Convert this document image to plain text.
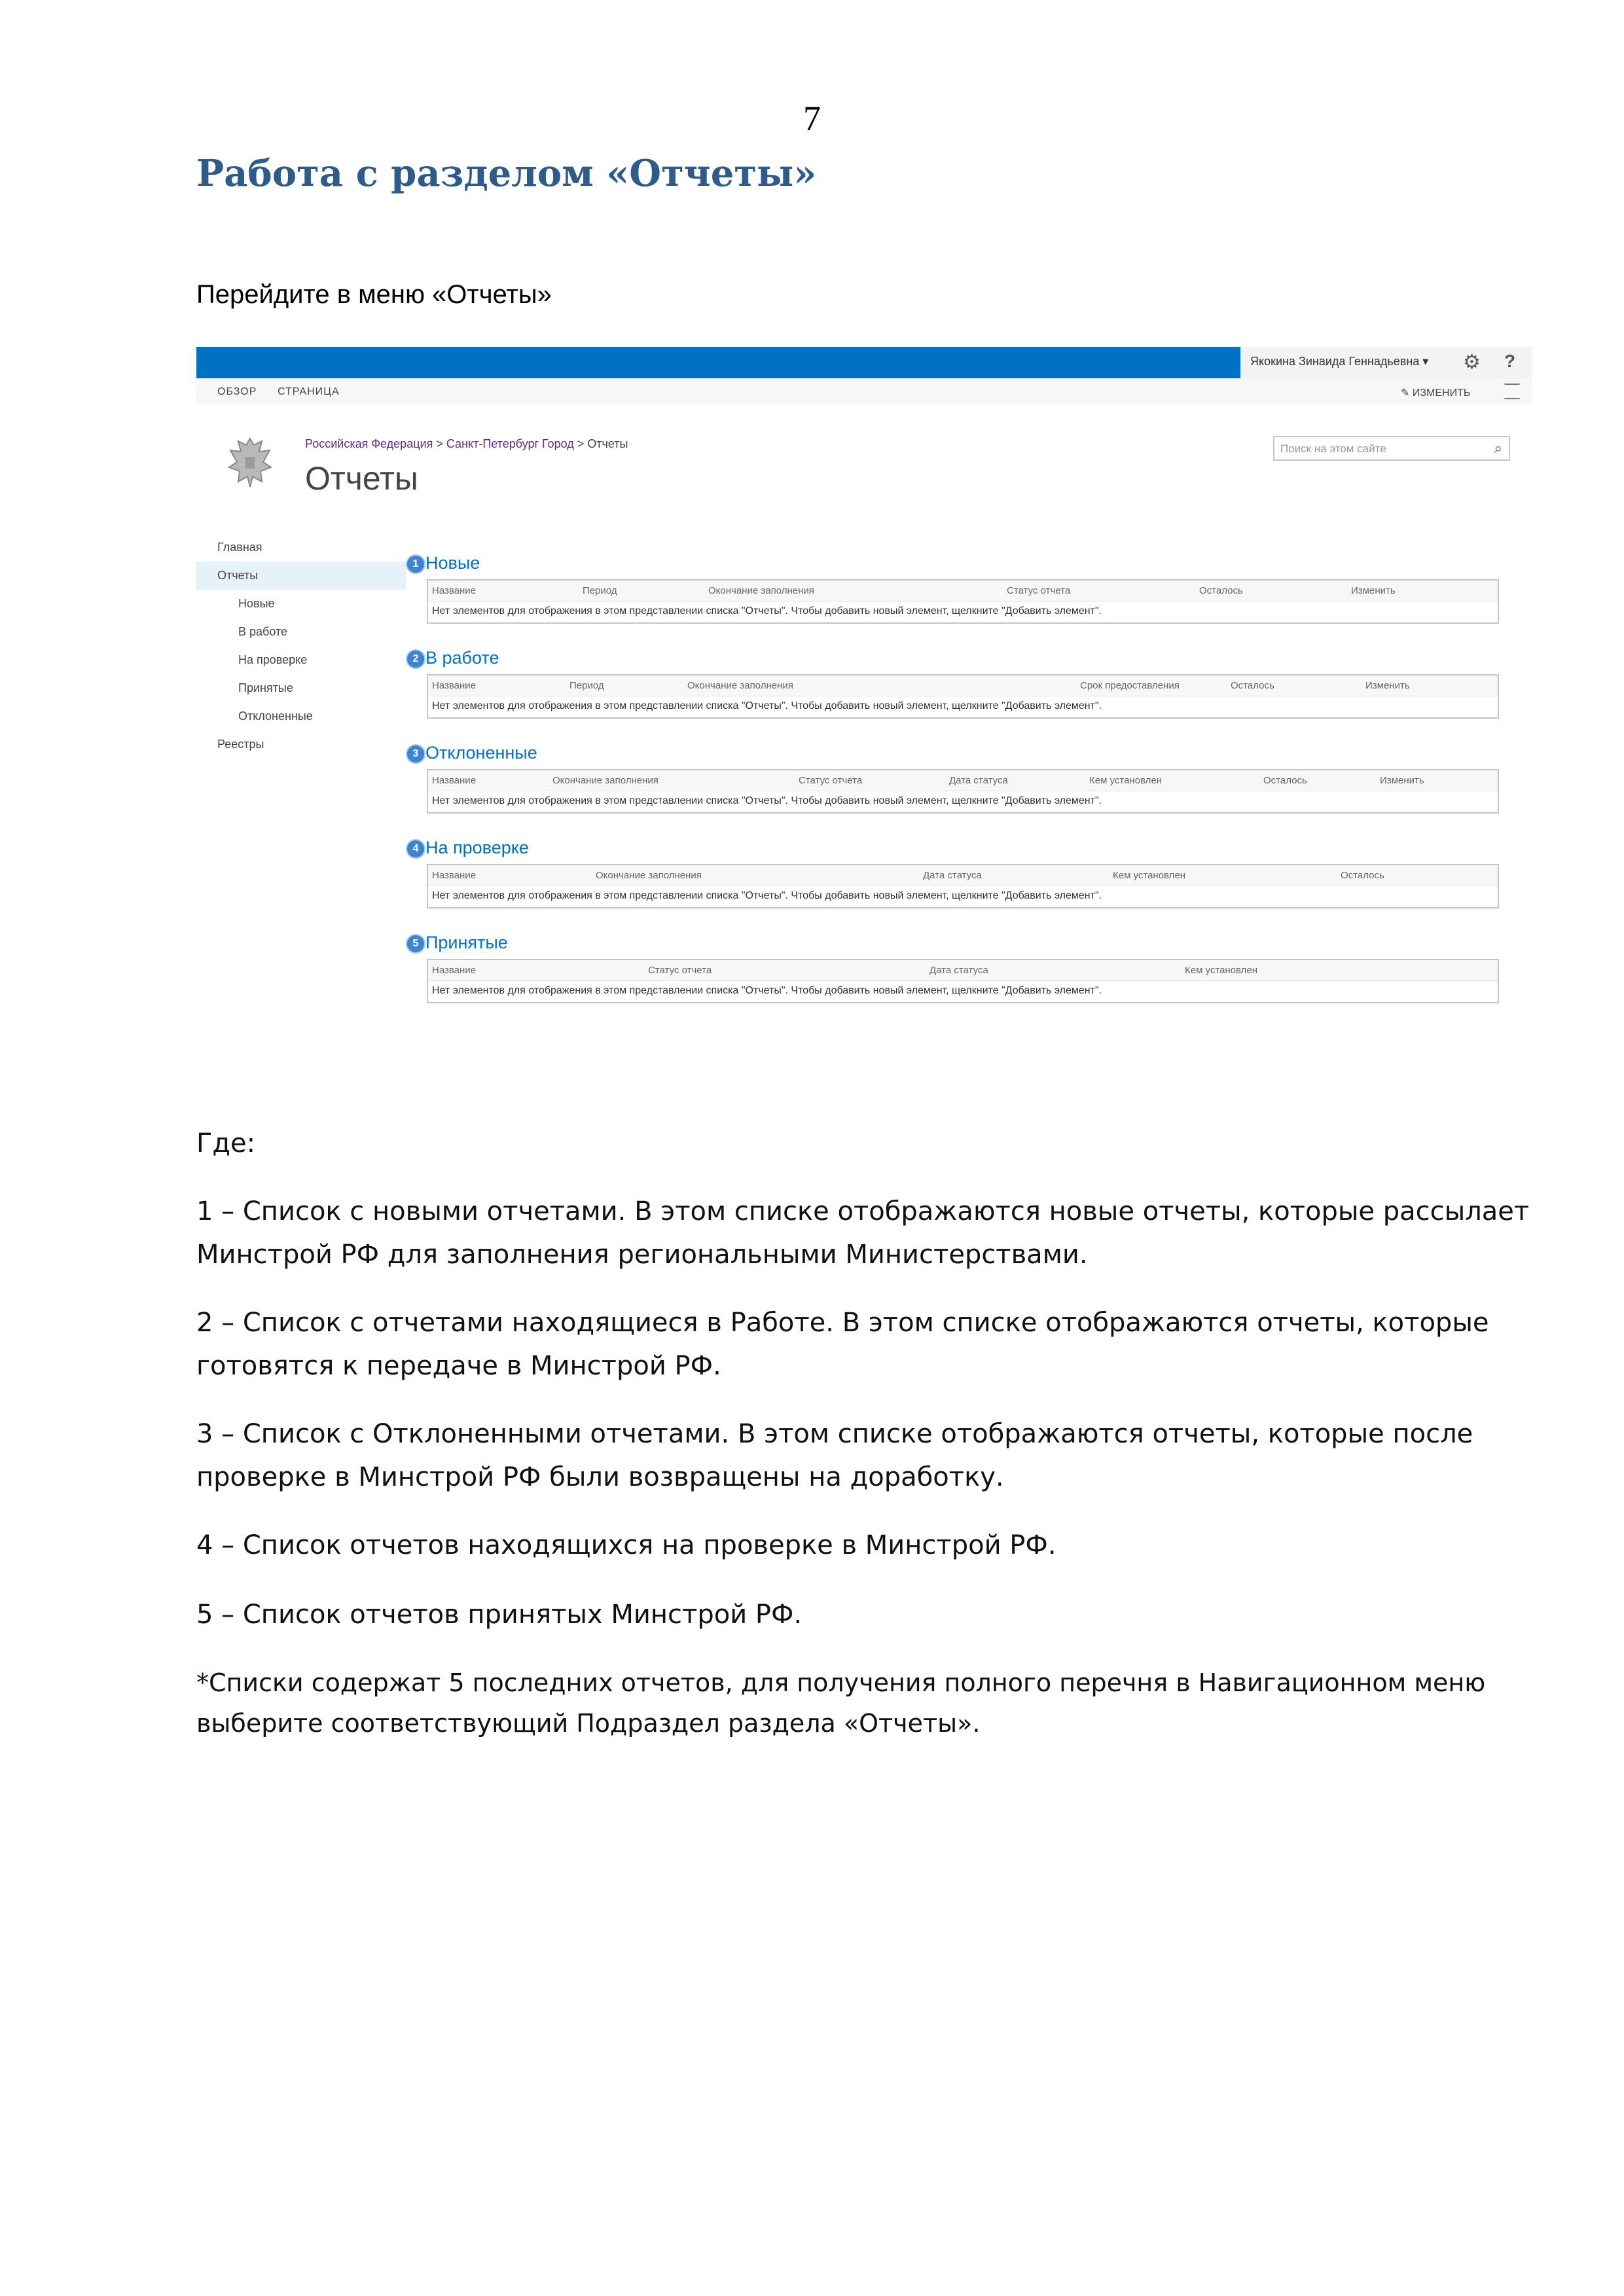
7
Работа с разделом «Отчеты»
Перейдите в меню «Отчеты»
Якокина Зинаида Геннадьевна ▾ ⚙ ?
ОБЗОР СТРАНИЦА	✎ ИЗМЕНИТЬ
Российская Федерация > Санкт-Петербург Город > Отчеты
Отчеты
Поиск на этом сайте	⌕
Главная
Отчеты
Новые
В работе
На проверке
Принятые
Отклоненные
Реестры
1 Новые
Название	Период	Окончание заполнения	Статус отчета	Осталось	Изменить
Нет элементов для отображения в этом представлении списка "Отчеты". Чтобы добавить новый элемент, щелкните "Добавить элемент".
2 В работе
Название	Период	Окончание заполнения	Срок предоставления	Осталось	Изменить
Нет элементов для отображения в этом представлении списка "Отчеты". Чтобы добавить новый элемент, щелкните "Добавить элемент".
3 Отклоненные
Название	Окончание заполнения	Статус отчета	Дата статуса	Кем установлен	Осталось	Изменить
Нет элементов для отображения в этом представлении списка "Отчеты". Чтобы добавить новый элемент, щелкните "Добавить элемент".
4 На проверке
Название	Окончание заполнения	Дата статуса	Кем установлен	Осталось
Нет элементов для отображения в этом представлении списка "Отчеты". Чтобы добавить новый элемент, щелкните "Добавить элемент".
5 Принятые
Название	Статус отчета	Дата статуса	Кем установлен
Нет элементов для отображения в этом представлении списка "Отчеты". Чтобы добавить новый элемент, щелкните "Добавить элемент".
Где:
1 – Список с новыми отчетами. В этом списке отображаются новые отчеты, которые рассылает Минстрой РФ для заполнения региональными Министерствами.
2 – Список с отчетами находящиеся в Работе. В этом списке отображаются отчеты, которые готовятся к передаче в Минстрой РФ.
3 – Список с Отклоненными отчетами. В этом списке отображаются отчеты, которые после проверке в Минстрой РФ были возвращены на доработку.
4 – Список отчетов находящихся на проверке в Минстрой РФ.
5 – Список отчетов принятых Минстрой РФ.
*Списки содержат 5 последних отчетов, для получения полного перечня в Навигационном меню выберите соответствующий Подраздел раздела «Отчеты».
